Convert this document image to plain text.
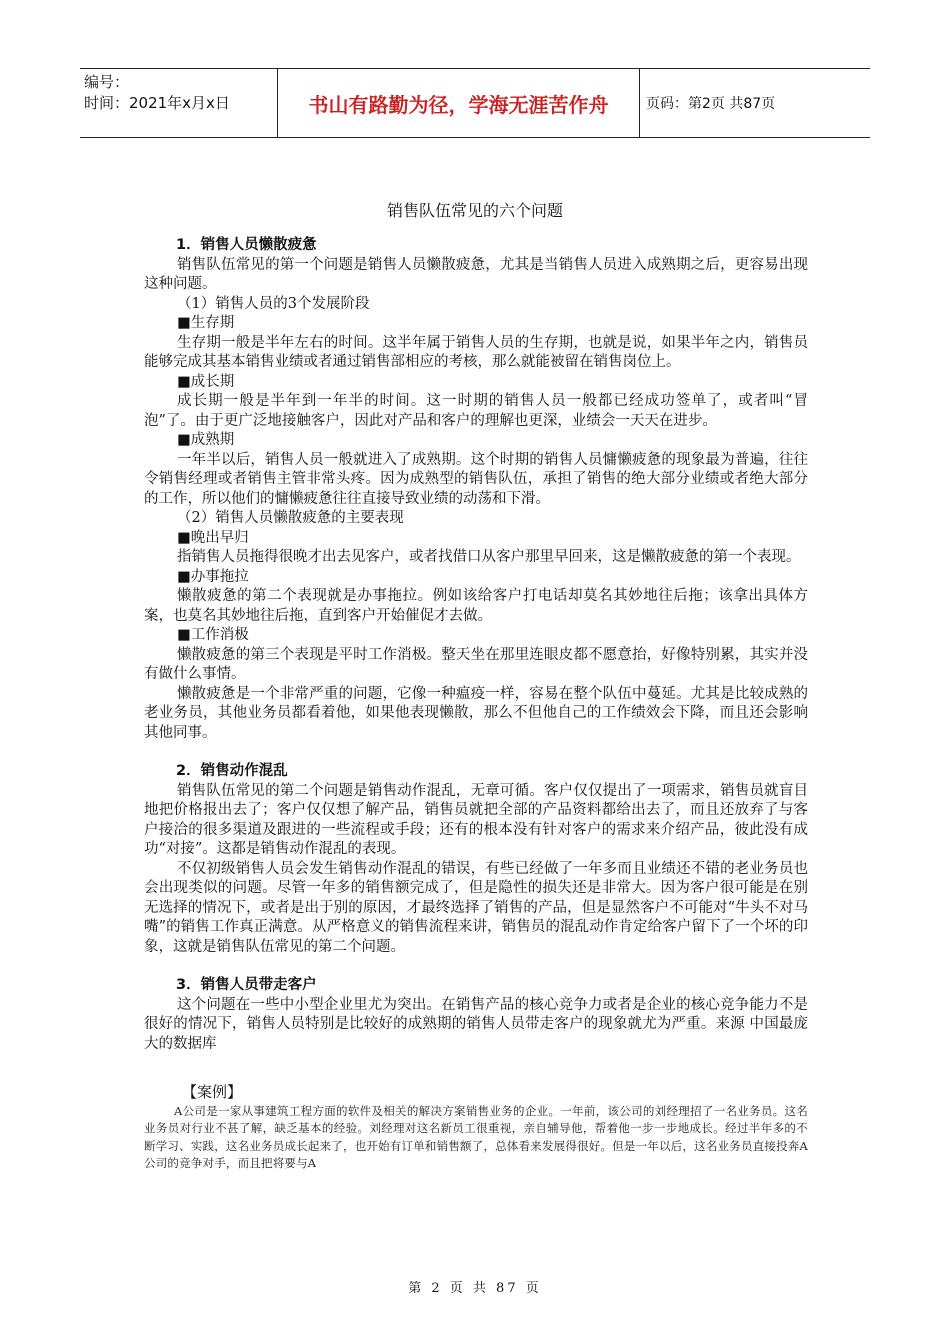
编号：
时间：2021年x月x日	书山有路勤为径，学海无涯苦作舟	页码：第2页 共87页
销售队伍常见的六个问题

1．销售人员懒散疲惫

销售队伍常见的第一个问题是销售人员懒散疲惫，尤其是当销售人员进入成熟期之后，更容易出现这种问题。

（1）销售人员的3个发展阶段

■生存期

生存期一般是半年左右的时间。这半年属于销售人员的生存期，也就是说，如果半年之内，销售员能够完成其基本销售业绩或者通过销售部相应的考核，那么就能被留在销售岗位上。

■成长期

成长期一般是半年到一年半的时间。这一时期的销售人员一般都已经成功签单了，或者叫“冒泡”了。由于更广泛地接触客户，因此对产品和客户的理解也更深，业绩会一天天在进步。

■成熟期

一年半以后，销售人员一般就进入了成熟期。这个时期的销售人员慵懒疲惫的现象最为普遍，往往令销售经理或者销售主管非常头疼。因为成熟型的销售队伍，承担了销售的绝大部分业绩或者绝大部分的工作，所以他们的慵懒疲惫往往直接导致业绩的动荡和下滑。

（2）销售人员懒散疲惫的主要表现

■晚出早归

指销售人员拖得很晚才出去见客户，或者找借口从客户那里早回来，这是懒散疲惫的第一个表现。

■办事拖拉

懒散疲惫的第二个表现就是办事拖拉。例如该给客户打电话却莫名其妙地往后拖；该拿出具体方案，也莫名其妙地往后拖，直到客户开始催促才去做。

■工作消极

懒散疲惫的第三个表现是平时工作消极。整天坐在那里连眼皮都不愿意抬，好像特别累，其实并没有做什么事情。

懒散疲惫是一个非常严重的问题，它像一种瘟疫一样，容易在整个队伍中蔓延。尤其是比较成熟的老业务员，其他业务员都看着他，如果他表现懒散，那么不但他自己的工作绩效会下降，而且还会影响其他同事。

2．销售动作混乱

销售队伍常见的第二个问题是销售动作混乱，无章可循。客户仅仅提出了一项需求，销售员就盲目地把价格报出去了；客户仅仅想了解产品，销售员就把全部的产品资料都给出去了，而且还放弃了与客户接洽的很多渠道及跟进的一些流程或手段；还有的根本没有针对客户的需求来介绍产品，彼此没有成功“对接”。这都是销售动作混乱的表现。

不仅初级销售人员会发生销售动作混乱的错误，有些已经做了一年多而且业绩还不错的老业务员也会出现类似的问题。尽管一年多的销售额完成了，但是隐性的损失还是非常大。因为客户很可能是在别无选择的情况下，或者是出于别的原因，才最终选择了销售的产品，但是显然客户不可能对“牛头不对马嘴”的销售工作真正满意。从严格意义的销售流程来讲，销售员的混乱动作肯定给客户留下了一个坏的印象，这就是销售队伍常见的第二个问题。

3．销售人员带走客户

这个问题在一些中小型企业里尤为突出。在销售产品的核心竞争力或者是企业的核心竞争能力不是很好的情况下，销售人员特别是比较好的成熟期的销售人员带走客户的现象就尤为严重。来源 中国最庞大的数据库

【案例】

A公司是一家从事建筑工程方面的软件及相关的解决方案销售业务的企业。一年前，该公司的刘经理招了一名业务员。这名业务员对行业不甚了解，缺乏基本的经验。刘经理对这名新员工很重视，亲自辅导他，帮着他一步一步地成长。经过半年多的不断学习、实践，这名业务员成长起来了，也开始有订单和销售额了，总体看来发展得很好。但是一年以后，这名业务员直接投奔A公司的竞争对手，而且把将要与A

第 2 页 共 87 页
